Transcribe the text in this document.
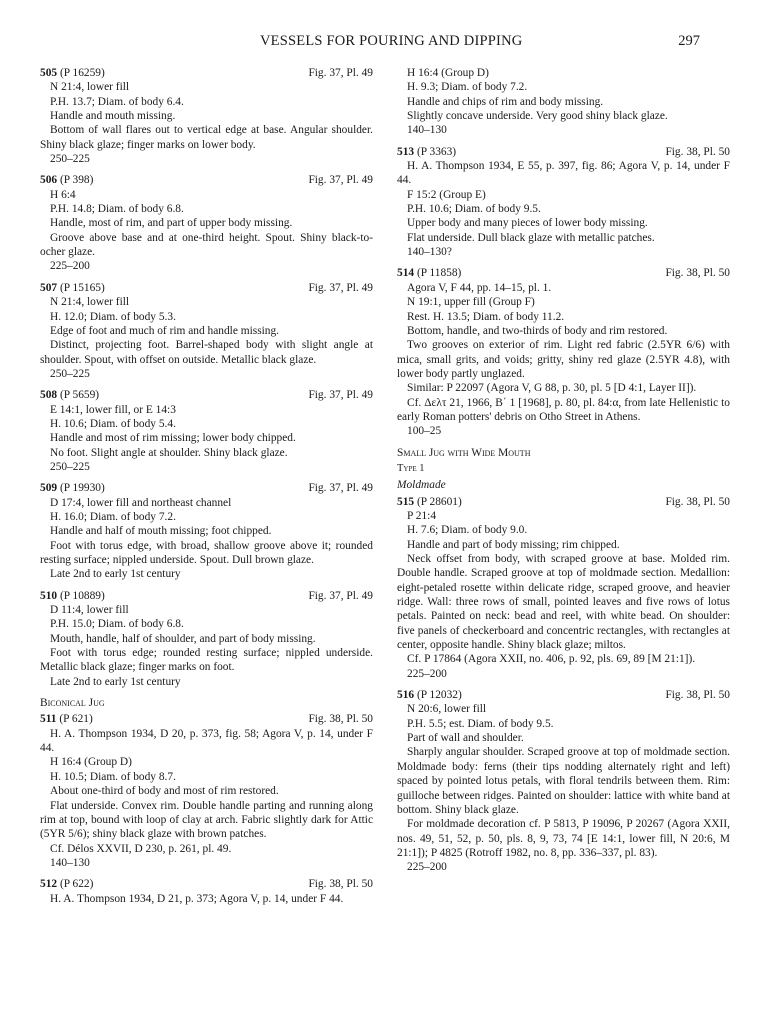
VESSELS FOR POURING AND DIPPING	297
505 (P 16259)	Fig. 37, Pl. 49
N 21:4, lower fill
P.H. 13.7; Diam. of body 6.4.
Handle and mouth missing.
Bottom of wall flares out to vertical edge at base. Angular shoulder. Shiny black glaze; finger marks on lower body.
250–225
506 (P 398)	Fig. 37, Pl. 49
H 6:4
P.H. 14.8; Diam. of body 6.8.
Handle, most of rim, and part of upper body missing.
Groove above base and at one-third height. Spout. Shiny black-to-ocher glaze.
225–200
507 (P 15165)	Fig. 37, Pl. 49
N 21:4, lower fill
H. 12.0; Diam. of body 5.3.
Edge of foot and much of rim and handle missing.
Distinct, projecting foot. Barrel-shaped body with slight angle at shoulder. Spout, with offset on outside. Metallic black glaze.
250–225
508 (P 5659)	Fig. 37, Pl. 49
E 14:1, lower fill, or E 14:3
H. 10.6; Diam. of body 5.4.
Handle and most of rim missing; lower body chipped.
No foot. Slight angle at shoulder. Shiny black glaze.
250–225
509 (P 19930)	Fig. 37, Pl. 49
D 17:4, lower fill and northeast channel
H. 16.0; Diam. of body 7.2.
Handle and half of mouth missing; foot chipped.
Foot with torus edge, with broad, shallow groove above it; rounded resting surface; nippled underside. Spout. Dull brown glaze.
Late 2nd to early 1st century
510 (P 10889)	Fig. 37, Pl. 49
D 11:4, lower fill
P.H. 15.0; Diam. of body 6.8.
Mouth, handle, half of shoulder, and part of body missing.
Foot with torus edge; rounded resting surface; nippled underside. Metallic black glaze; finger marks on foot.
Late 2nd to early 1st century
Biconical Jug
511 (P 621)	Fig. 38, Pl. 50
H. A. Thompson 1934, D 20, p. 373, fig. 58; Agora V, p. 14, under F 44.
H 16:4 (Group D)
H. 10.5; Diam. of body 8.7.
About one-third of body and most of rim restored.
Flat underside. Convex rim. Double handle parting and running along rim at top, bound with loop of clay at arch. Fabric slightly dark for Attic (5YR 5/6); shiny black glaze with brown patches.
Cf. Délos XXVII, D 230, p. 261, pl. 49.
140–130
512 (P 622)	Fig. 38, Pl. 50
H. A. Thompson 1934, D 21, p. 373; Agora V, p. 14, under F 44.
H 16:4 (Group D)
H. 9.3; Diam. of body 7.2.
Handle and chips of rim and body missing.
Slightly concave underside. Very good shiny black glaze.
140–130
513 (P 3363)	Fig. 38, Pl. 50
H. A. Thompson 1934, E 55, p. 397, fig. 86; Agora V, p. 14, under F 44.
F 15:2 (Group E)
P.H. 10.6; Diam. of body 9.5.
Upper body and many pieces of lower body missing.
Flat underside. Dull black glaze with metallic patches.
140–130?
514 (P 11858)	Fig. 38, Pl. 50
Agora V, F 44, pp. 14–15, pl. 1.
N 19:1, upper fill (Group F)
Rest. H. 13.5; Diam. of body 11.2.
Bottom, handle, and two-thirds of body and rim restored.
Two grooves on exterior of rim. Light red fabric (2.5YR 6/6) with mica, small grits, and voids; gritty, shiny red glaze (2.5YR 4.8), with lower body partly unglazed.
Similar: P 22097 (Agora V, G 88, p. 30, pl. 5 [D 4:1, Layer II]).
Cf. Δελτ 21, 1966, Β΄ 1 [1968], p. 80, pl. 84:α, from late Hellenistic to early Roman potters' debris on Otho Street in Athens.
100–25
Small Jug with Wide Mouth
Type 1
Moldmade
515 (P 28601)	Fig. 38, Pl. 50
P 21:4
H. 7.6; Diam. of body 9.0.
Handle and part of body missing; rim chipped.
Neck offset from body, with scraped groove at base. Molded rim. Double handle. Scraped groove at top of moldmade section. Medallion: eight-petaled rosette within delicate ridge, scraped groove, and heavier ridge. Wall: three rows of small, pointed leaves and five rows of lotus petals. Painted on neck: bead and reel, with white bead. On shoulder: five panels of checkerboard and concentric rectangles, with rectangles at center, opposite handle. Shiny black glaze; miltos.
Cf. P 17864 (Agora XXII, no. 406, p. 92, pls. 69, 89 [M 21:1]).
225–200
516 (P 12032)	Fig. 38, Pl. 50
N 20:6, lower fill
P.H. 5.5; est. Diam. of body 9.5.
Part of wall and shoulder.
Sharply angular shoulder. Scraped groove at top of moldmade section. Moldmade body: ferns (their tips nodding alternately right and left) spaced by pointed lotus petals, with floral tendrils between them. Rim: guilloche between ridges. Painted on shoulder: lattice with white band at bottom. Shiny black glaze.
For moldmade decoration cf. P 5813, P 19096, P 20267 (Agora XXII, nos. 49, 51, 52, p. 50, pls. 8, 9, 73, 74 [E 14:1, lower fill, N 20:6, M 21:1]); P 4825 (Rotroff 1982, no. 8, pp. 336–337, pl. 83).
225–200
